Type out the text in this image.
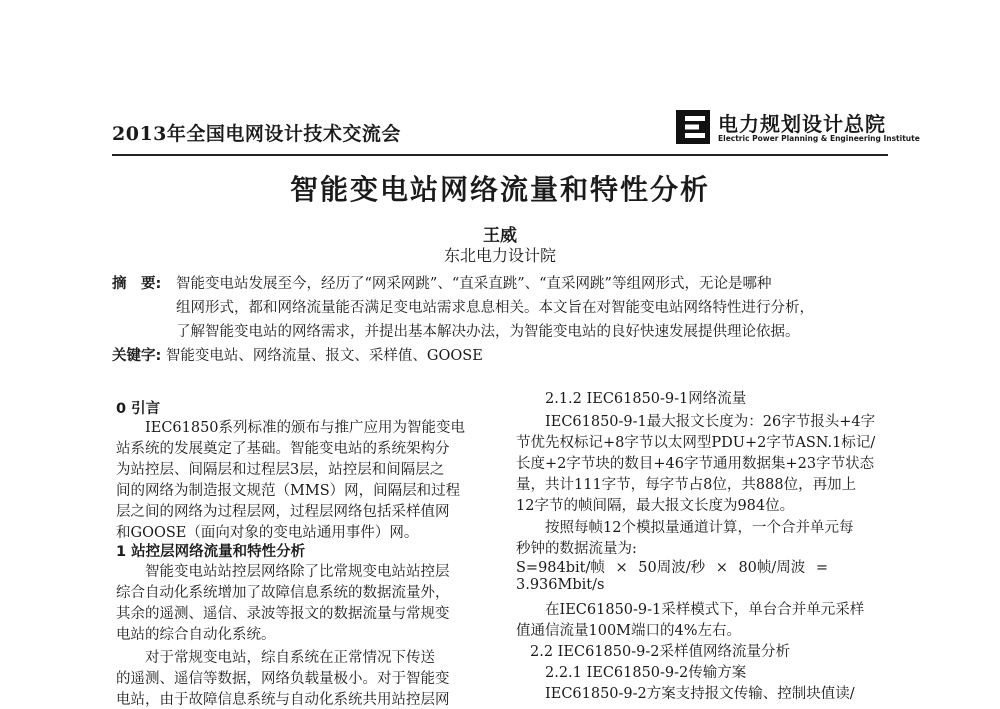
2013年全国电网设计技术交流会	电力规划设计总院
Electric Power Planning & Engineering Institute
智能变电站网络流量和特性分析
王威
东北电力设计院
摘　要: 智能变电站发展至今，经历了“网采网跳”、“直采直跳”、“直采网跳”等组网形式，无论是哪种
组网形式，都和网络流量能否满足变电站需求息息相关。本文旨在对智能变电站网络特性进行分析，
了解智能变电站的网络需求，并提出基本解决办法，为智能变电站的良好快速发展提供理论依据。
关键字: 智能变电站、网络流量、报文、采样值、GOOSE
0 引言
IEC61850系列标准的颁布与推广应用为智能变电
站系统的发展奠定了基础。智能变电站的系统架构分
为站控层、间隔层和过程层3层，站控层和间隔层之
间的网络为制造报文规范（MMS）网，间隔层和过程
层之间的网络为过程层网，过程层网络包括采样值网
和GOOSE（面向对象的变电站通用事件）网。
1 站控层网络流量和特性分析
智能变电站站控层网络除了比常规变电站站控层
综合自动化系统增加了故障信息系统的数据流量外，
其余的遥测、遥信、录波等报文的数据流量与常规变
电站的综合自动化系统。
对于常规变电站，综自系统在正常情况下传送
的遥测、遥信等数据，网络负载量极小。对于智能变
电站，由于故障信息系统与自动化系统共用站控层网
2.1.2 IEC61850-9-1网络流量
IEC61850-9-1最大报文长度为：26字节报头+4字
节优先权标记+8字节以太网型PDU+2字节ASN.1标记/
长度+2字节块的数目+46字节通用数据集+23字节状态
量，共计111字节，每字节占8位，共888位，再加上
12字节的帧间隔，最大报文长度为984位。
按照每帧12个模拟量通道计算，一个合并单元每
秒钟的数据流量为:
S=984bit/帧 × 50周波/秒 × 80帧/周波 =
3.936Mbit/s
在IEC61850-9-1采样模式下，单台合并单元采样
值通信流量100M端口的4%左右。
2.2 IEC61850-9-2采样值网络流量分析
2.2.1 IEC61850-9-2传输方案
IEC61850-9-2方案支持报文传输、控制块值读/
